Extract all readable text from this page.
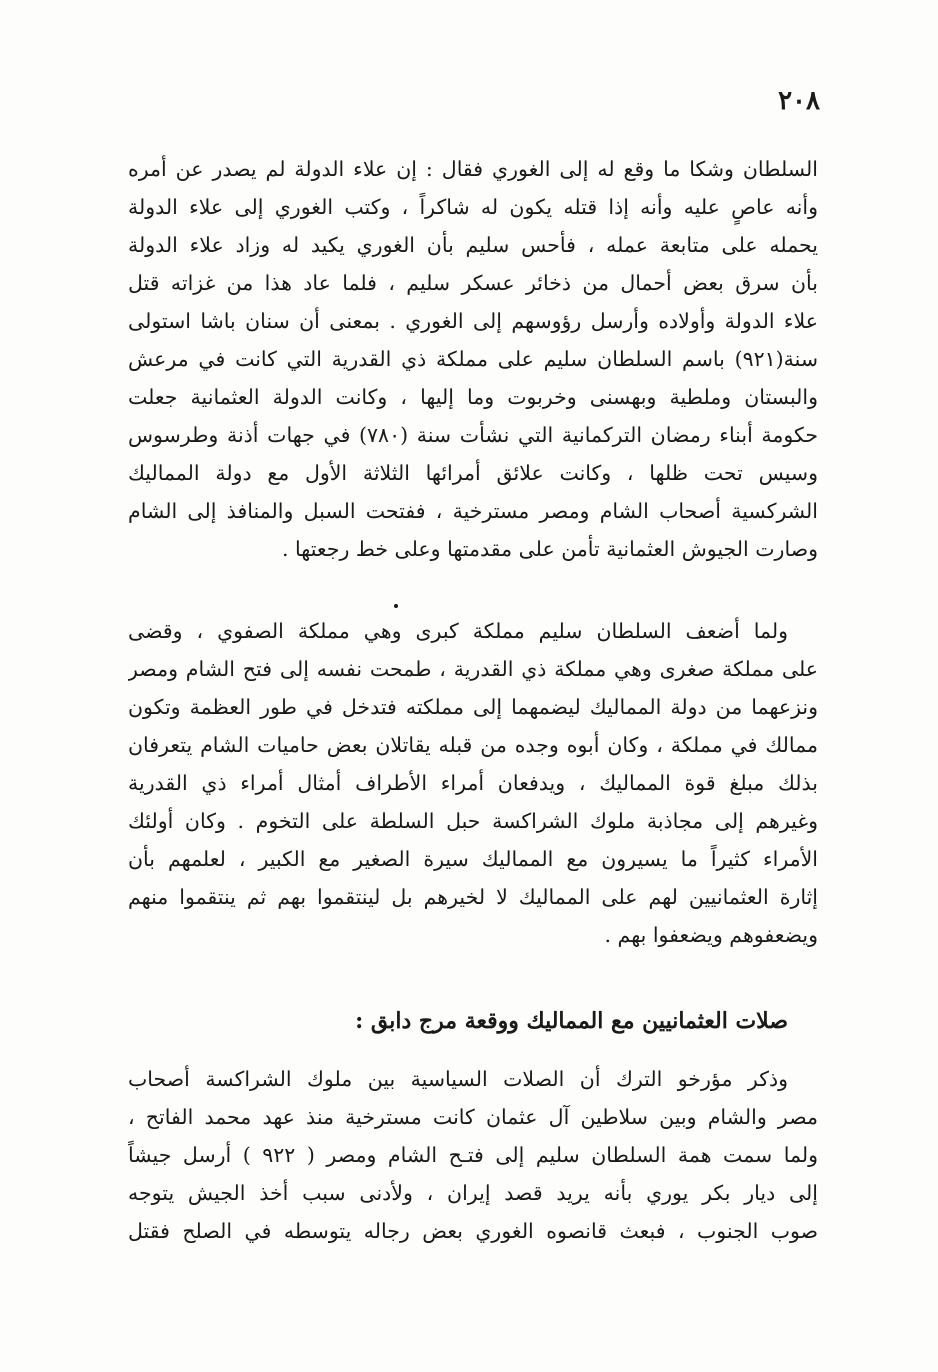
٢٠٨
السلطان وشكا ما وقع له إلى الغوري فقال : إن علاء الدولة لم يصدر عن أمره
وأنه عاصٍ عليه وأنه إذا قتله يكون له شاكراً ، وكتب الغوري إلى علاء الدولة
يحمله على متابعة عمله ، فأحس سليم بأن الغوري يكيد له وزاد علاء الدولة
بأن سرق بعض أحمال من ذخائر عسكر سليم ، فلما عاد هذا من غزاته قتل
علاء الدولة وأولاده وأرسل رؤوسهم إلى الغوري . بمعنى أن سنان باشا استولى
سنة(٩٢١) باسم السلطان سليم على مملكة ذي القدرية التي كانت في مرعش
والبستان وملطية وبهسنى وخربوت وما إليها ، وكانت الدولة العثمانية جعلت
حكومة أبناء رمضان التركمانية التي نشأت سنة (٧٨٠) في جهات أذنة وطرسوس
وسيس تحت ظلها ، وكانت علائق أمرائها الثلاثة الأول مع دولة المماليك
الشركسية أصحاب الشام ومصر مسترخية ، ففتحت السبل والمنافذ إلى الشام
وصارت الجيوش العثمانية تأمن على مقدمتها وعلى خط رجعتها .
ولما أضعف السلطان سليم مملكة كبرى وهي مملكة الصفوي ، وقضى
على مملكة صغرى وهي مملكة ذي القدرية ، طمحت نفسه إلى فتح الشام ومصر
ونزعهما من دولة المماليك ليضمهما إلى مملكته فتدخل في طور العظمة وتكون
ممالك في مملكة ، وكان أبوه وجده من قبله يقاتلان بعض حاميات الشام يتعرفان
بذلك مبلغ قوة المماليك ، ويدفعان أمراء الأطراف أمثال أمراء ذي القدرية
وغيرهم إلى مجاذبة ملوك الشراكسة حبل السلطة على التخوم . وكان أولئك
الأمراء كثيراً ما يسيرون مع المماليك سيرة الصغير مع الكبير ، لعلمهم بأن
إثارة العثمانيين لهم على المماليك لا لخيرهم بل لينتقموا بهم ثم ينتقموا منهم
ويضعفوهم ويضعفوا بهم .
صلات العثمانيين مع المماليك ووقعة مرج دابق :
وذكر مؤرخو الترك أن الصلات السياسية بين ملوك الشراكسة أصحاب
مصر والشام وبين سلاطين آل عثمان كانت مسترخية منذ عهد محمد الفاتح ،
ولما سمت همة السلطان سليم إلى فتـح الشام ومصر ( ٩٢٢ ) أرسل جيشاً
إلى ديار بكر يوري بأنه يريد قصد إيران ، ولأدنى سبب أخذ الجيش يتوجه
صوب الجنوب ، فبعث قانصوه الغوري بعض رجاله يتوسطه في الصلح فقتل
